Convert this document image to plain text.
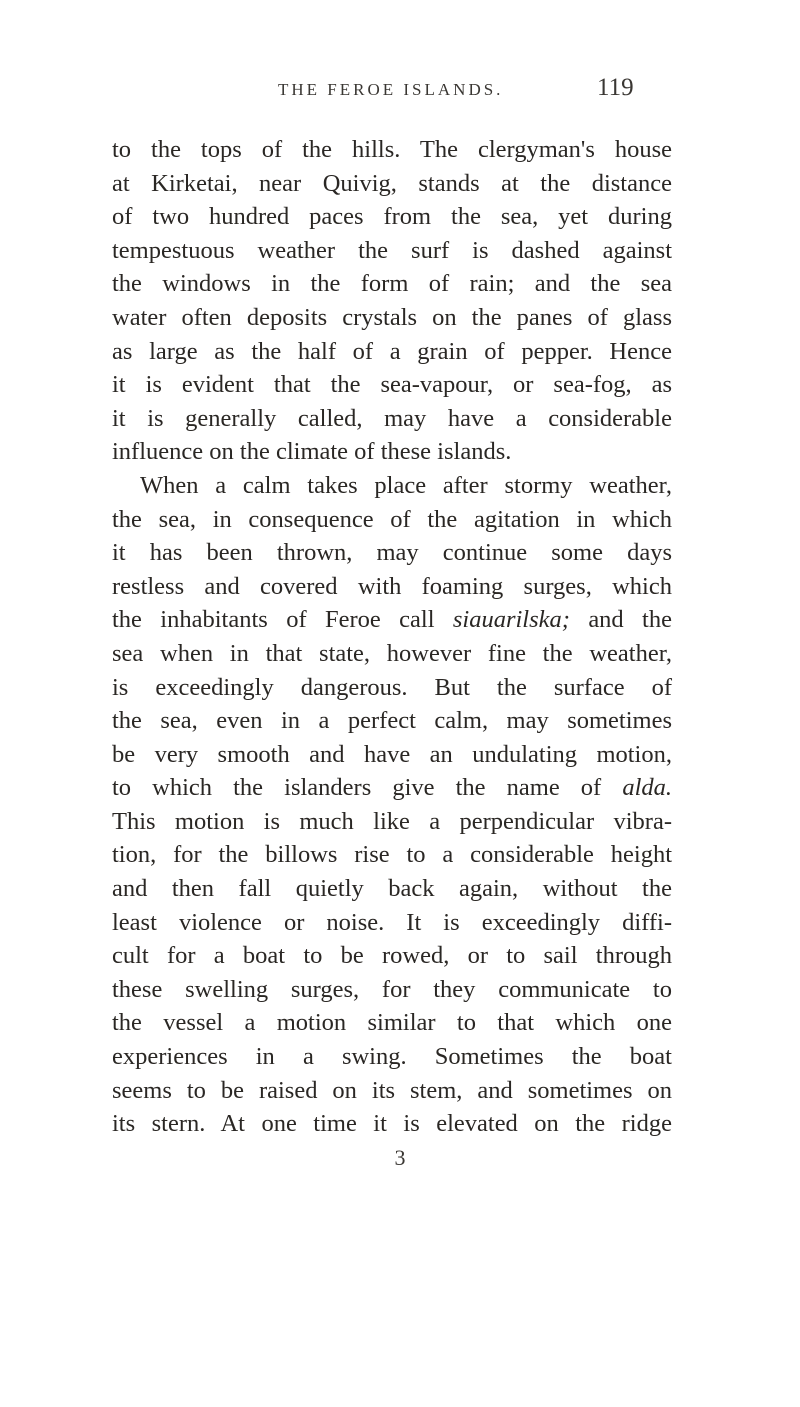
THE FEROE ISLANDS.	119
to the tops of the hills. The clergyman's house
at Kirketai, near Quivig, stands at the distance
of two hundred paces from the sea, yet during
tempestuous weather the surf is dashed against
the windows in the form of rain; and the sea
water often deposits crystals on the panes of glass
as large as the half of a grain of pepper. Hence
it is evident that the sea-vapour, or sea-fog, as
it is generally called, may have a considerable
influence on the climate of these islands.
When a calm takes place after stormy weather,
the sea, in consequence of the agitation in which
it has been thrown, may continue some days
restless and covered with foaming surges, which
the inhabitants of Feroe call siauarilska; and the
sea when in that state, however fine the weather,
is exceedingly dangerous. But the surface of
the sea, even in a perfect calm, may sometimes
be very smooth and have an undulating motion,
to which the islanders give the name of alda.
This motion is much like a perpendicular vibra-
tion, for the billows rise to a considerable height
and then fall quietly back again, without the
least violence or noise. It is exceedingly diffi-
cult for a boat to be rowed, or to sail through
these swelling surges, for they communicate to
the vessel a motion similar to that which one
experiences in a swing. Sometimes the boat
seems to be raised on its stem, and sometimes on
its stern. At one time it is elevated on the ridge
3
